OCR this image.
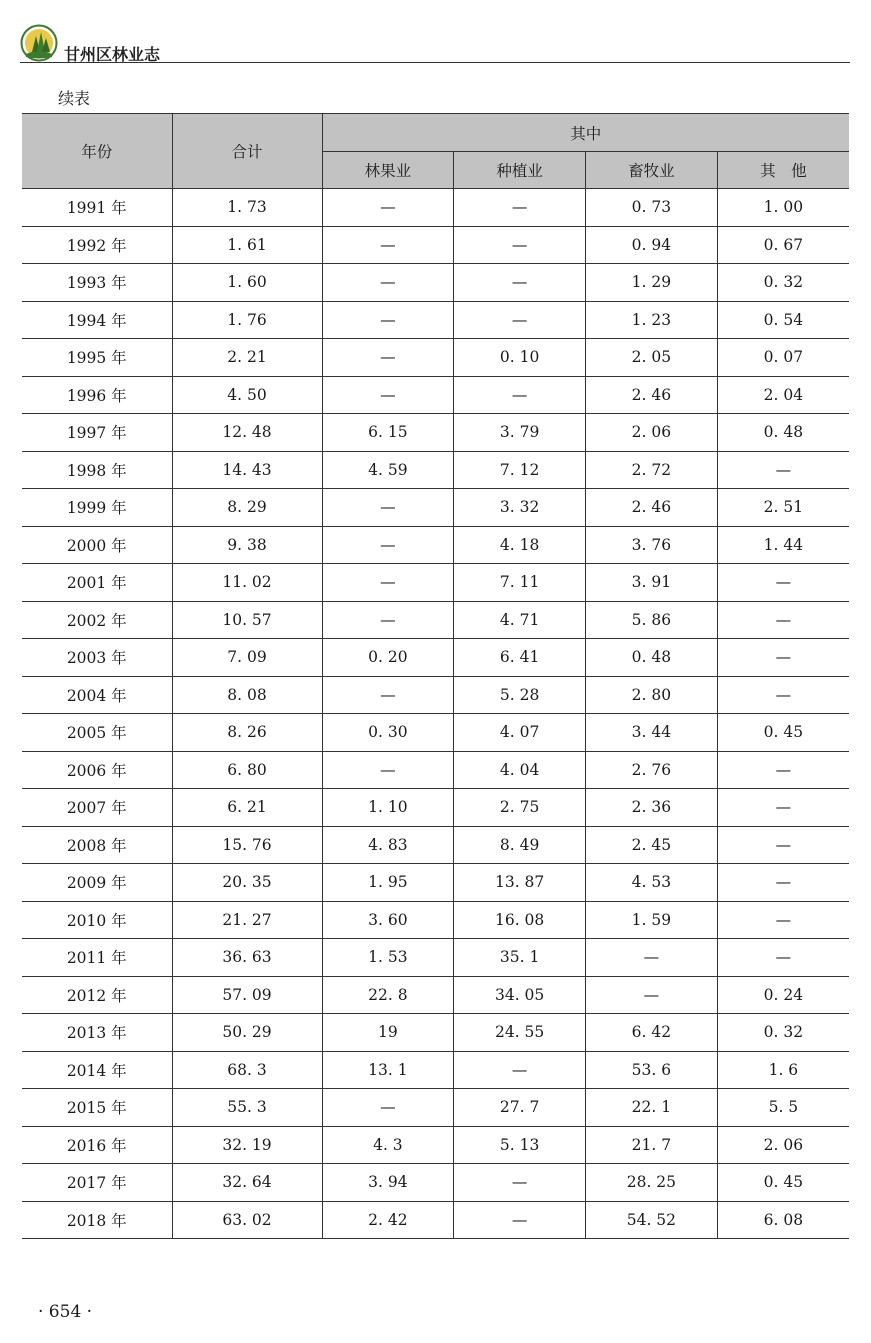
甘州区林业志
续表
年份	合计	其中			
		林果业	种植业	畜牧业	其　他
1991 年	1. 73	—	—	0. 73	1. 00
1992 年	1. 61	—	—	0. 94	0. 67
1993 年	1. 60	—	—	1. 29	0. 32
1994 年	1. 76	—	—	1. 23	0. 54
1995 年	2. 21	—	0. 10	2. 05	0. 07
1996 年	4. 50	—	—	2. 46	2. 04
1997 年	12. 48	6. 15	3. 79	2. 06	0. 48
1998 年	14. 43	4. 59	7. 12	2. 72	—
1999 年	8. 29	—	3. 32	2. 46	2. 51
2000 年	9. 38	—	4. 18	3. 76	1. 44
2001 年	11. 02	—	7. 11	3. 91	—
2002 年	10. 57	—	4. 71	5. 86	—
2003 年	7. 09	0. 20	6. 41	0. 48	—
2004 年	8. 08	—	5. 28	2. 80	—
2005 年	8. 26	0. 30	4. 07	3. 44	0. 45
2006 年	6. 80	—	4. 04	2. 76	—
2007 年	6. 21	1. 10	2. 75	2. 36	—
2008 年	15. 76	4. 83	8. 49	2. 45	—
2009 年	20. 35	1. 95	13. 87	4. 53	—
2010 年	21. 27	3. 60	16. 08	1. 59	—
2011 年	36. 63	1. 53	35. 1	—	—
2012 年	57. 09	22. 8	34. 05	—	0. 24
2013 年	50. 29	19	24. 55	6. 42	0. 32
2014 年	68. 3	13. 1	—	53. 6	1. 6
2015 年	55. 3	—	27. 7	22. 1	5. 5
2016 年	32. 19	4. 3	5. 13	21. 7	2. 06
2017 年	32. 64	3. 94	—	28. 25	0. 45
2018 年	63. 02	2. 42	—	54. 52	6. 08
· 654 ·
